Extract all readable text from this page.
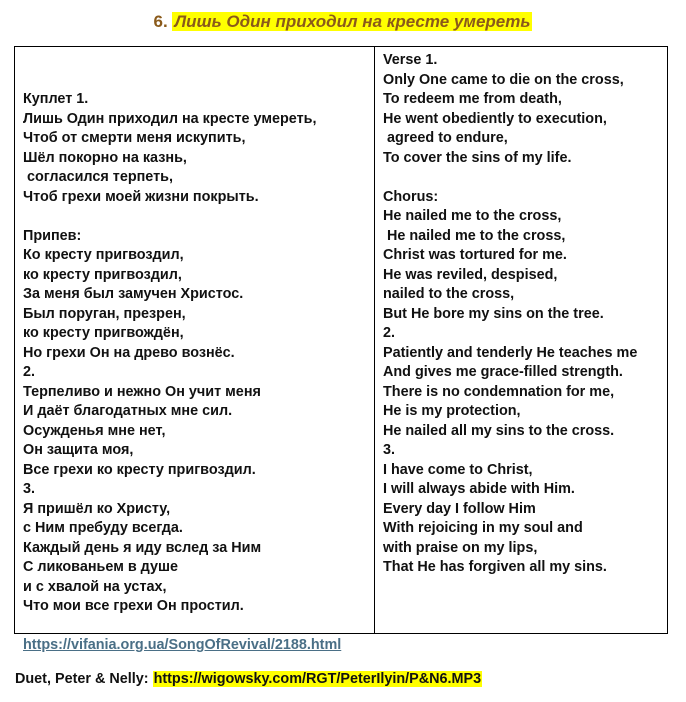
6. Лишь Один приходил на кресте умереть

Куплет 1.
Лишь Один приходил на кресте умереть,
Чтоб от смерти меня искупить,
Шёл покорно на казнь,
согласился терпеть,
Чтоб грехи моей жизни покрыть.
Припев:
Ко кресту пригвоздил,
ко кресту пригвоздил,
За меня был замучен Христос.
Был поруган, презрен,
ко кресту пригвождён,
Но грехи Он на древо вознёс.
2.
Терпеливо и нежно Он учит меня
И даёт благодатных мне сил.
Осужденья мне нет,
Он защита моя,
Все грехи ко кресту пригвоздил.
3.
Я пришёл ко Христу,
с Ним пребуду всегда.
Каждый день я иду вслед за Ним
С ликованьем в душе
и с хвалой на устах,
Что мои все грехи Он простил.
https://vifania.org.ua/SongOfRevival/2188.html

Verse 1.
Only One came to die on the cross,
To redeem me from death,
He went obediently to execution,
agreed to endure,
To cover the sins of my life.
Chorus:
He nailed me to the cross,
He nailed me to the cross,
Christ was tortured for me.
He was reviled, despised,
nailed to the cross,
But He bore my sins on the tree.
2.
Patiently and tenderly He teaches me
And gives me grace-filled strength.
There is no condemnation for me,
He is my protection,
He nailed all my sins to the cross.
3.
I have come to Christ,
I will always abide with Him.
Every day I follow Him
With rejoicing in my soul and
with praise on my lips,
That He has forgiven all my sins.
Duet, Peter & Nelly: https://wigowsky.com/RGT/PeterIlyin/P&N6.MP3
